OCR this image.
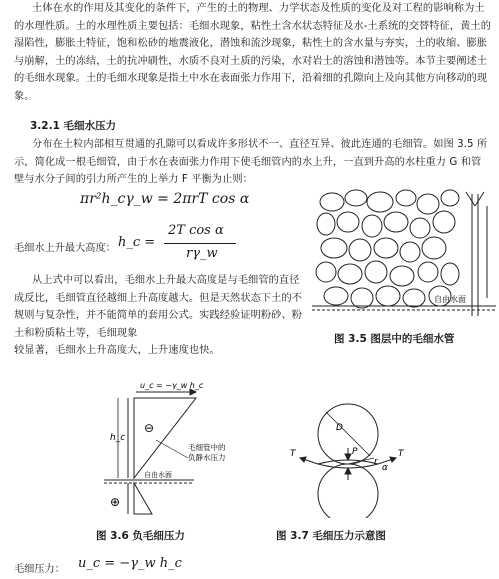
土体在水的作用及其变化的条件下，产生的土的物理、力学状态及性质的变化及对工程的影响称为土
的水理性质。土的水理性质主要包括：毛细水现象，粘性土含水状态特征及水-土系统的交替特征，黄土的
湿陷性，膨胀土特征，饱和松砂的地震液化，潜蚀和流沙现象，粘性土的含水量与夯实，土的收缩、膨胀
与崩解，土的冻结，土的抗冲刷性，水质不良对土质的污染，水对岩土的溶蚀和潜蚀等。本节主要阐述土
的毛细水现象。土的毛细水现象是指土中水在表面张力作用下，沿着细的孔隙向上及向其他方向移动的现
象。
3.2.1 毛细水压力
分布在土粒内部相互贯通的孔隙可以看成许多形状不一、直径互异、彼此连通的毛细管。如图 3.5 所
示，简化成一根毛细管，由于水在表面张力作用下使毛细管内的水上升，一直到升高的水柱重力 G 和管
壁与水分子间的引力所产生的上举力 F 平衡为止则：
πr²h_cγ_w = 2πrT cos α
毛细水上升最大高度： h_c =
2T cos α
rγ_w
从上式中可以看出，毛细水上升最大高度是与毛细管的直径
成反比，毛细管直径越细上升高度越大。但是天然状态下土的不
规则与复杂性，并不能简单的套用公式。实践经验证明粉砂、粉
土和粉质粘土等，毛细现象
较显著，毛细水上升高度大，上升速度也快。
自由水面
图 3.5 图层中的毛细水管
u_c = −γ_w h_c
⊖
h_c
毛细管中的
负静水压力
自由水面
⊕
图 3.6 负毛细压力
T	T
P
D
r
α
图 3.7 毛细压力示意图
毛细压力： u_c = −γ_w h_c
